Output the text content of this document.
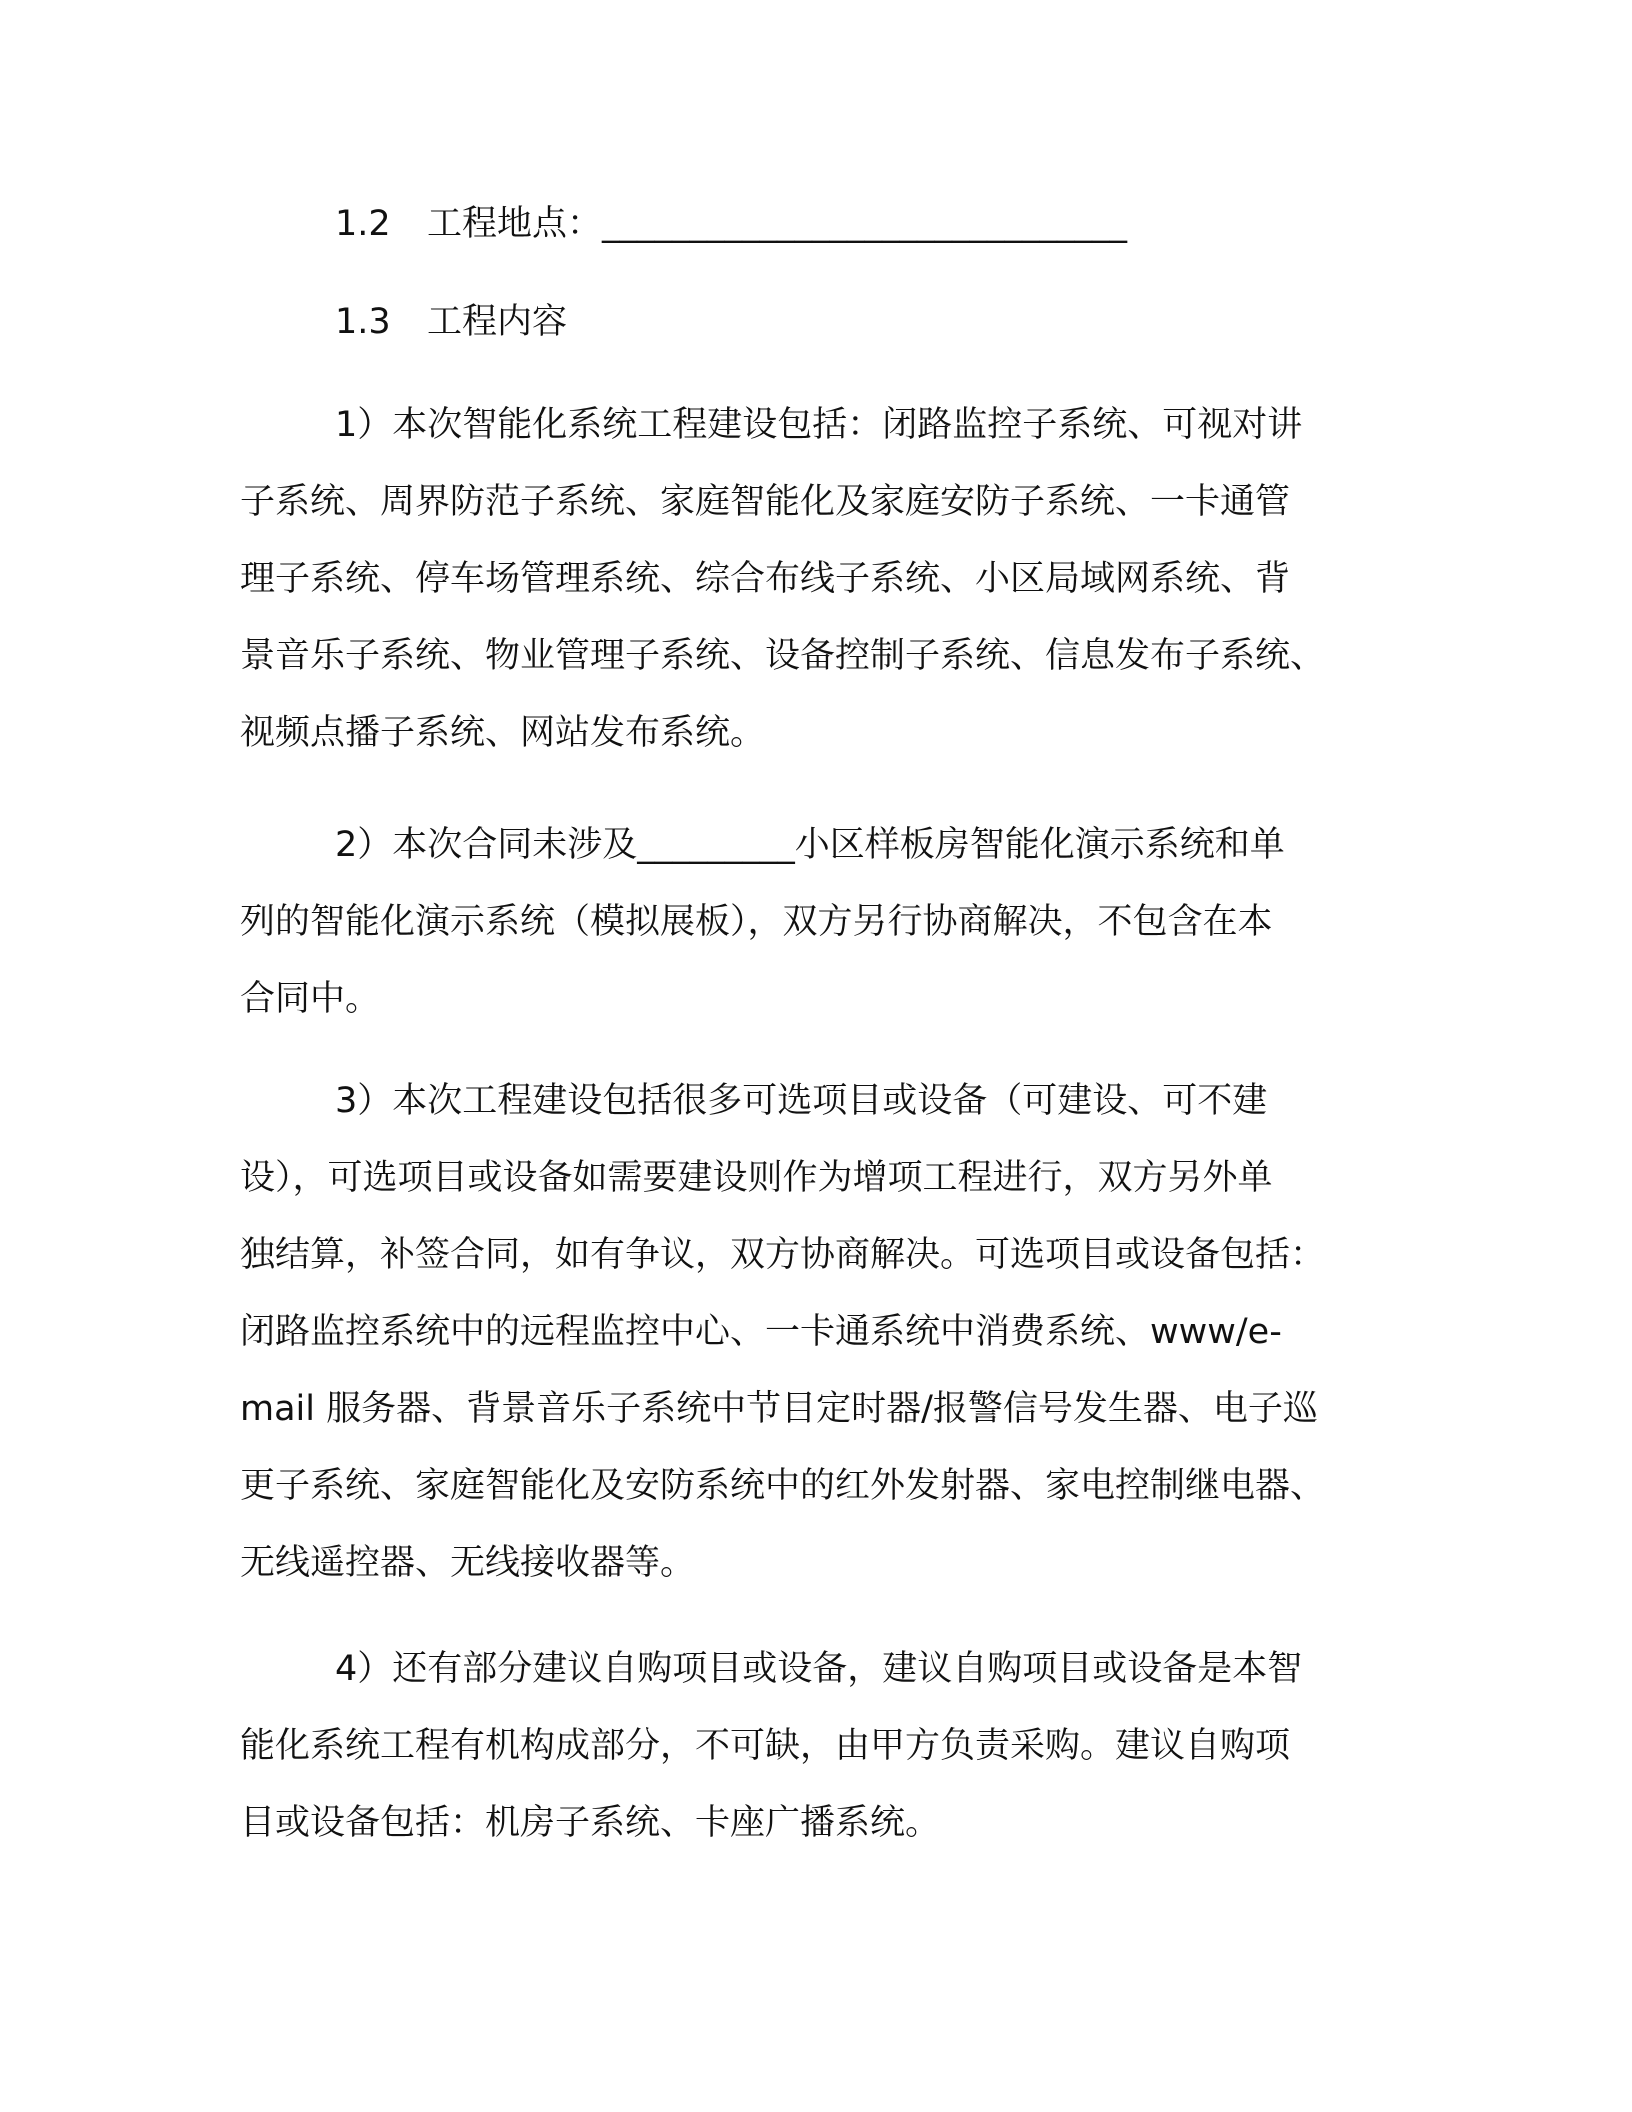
1.2 工程地点：______________________________
1.3 工程内容
1）本次智能化系统工程建设包括：闭路监控子系统、可视对讲
子系统、周界防范子系统、家庭智能化及家庭安防子系统、一卡通管
理子系统、停车场管理系统、综合布线子系统、小区局域网系统、背
景音乐子系统、物业管理子系统、设备控制子系统、信息发布子系统、
视频点播子系统、网站发布系统。
2）本次合同未涉及_________小区样板房智能化演示系统和单
列的智能化演示系统（模拟展板），双方另行协商解决，不包含在本
合同中。
3）本次工程建设包括很多可选项目或设备（可建设、可不建
设），可选项目或设备如需要建设则作为增项工程进行，双方另外单
独结算，补签合同，如有争议，双方协商解决。可选项目或设备包括：
闭路监控系统中的远程监控中心、一卡通系统中消费系统、www/e-
mail 服务器、背景音乐子系统中节目定时器/报警信号发生器、电子巡
更子系统、家庭智能化及安防系统中的红外发射器、家电控制继电器、
无线遥控器、无线接收器等。
4）还有部分建议自购项目或设备，建议自购项目或设备是本智
能化系统工程有机构成部分，不可缺，由甲方负责采购。建议自购项
目或设备包括：机房子系统、卡座广播系统。
